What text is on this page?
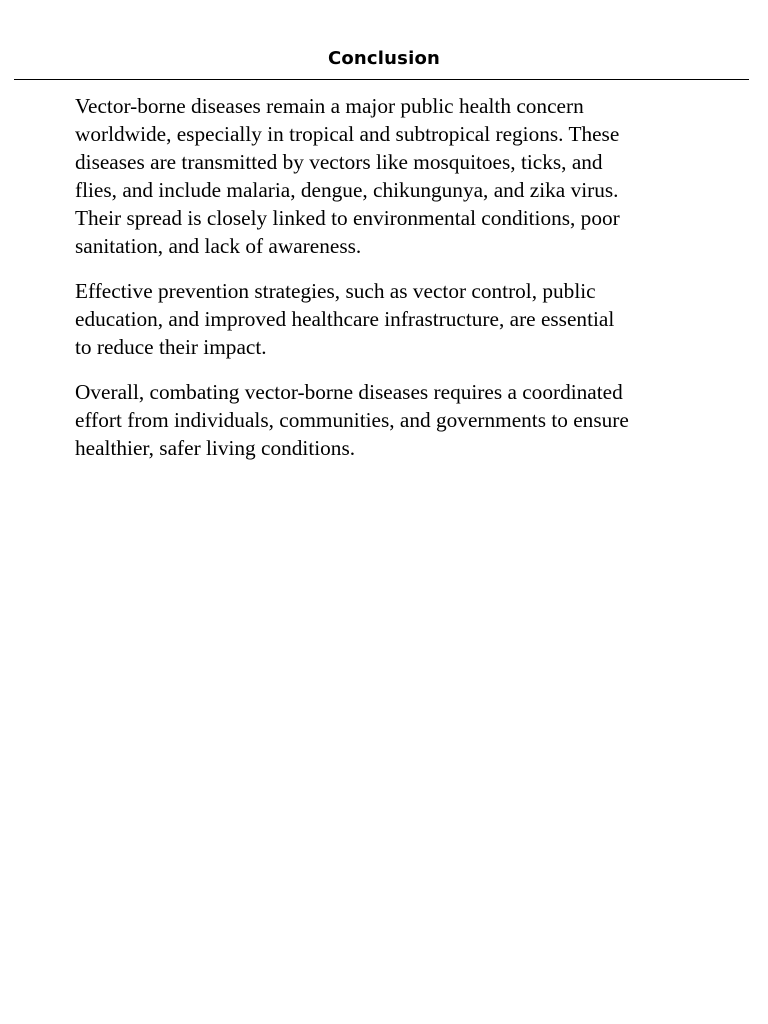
Conclusion

Vector-borne diseases remain a major public health concern
worldwide, especially in tropical and subtropical regions. These
diseases are transmitted by vectors like mosquitoes, ticks, and
flies, and include malaria, dengue, chikungunya, and zika virus.
Their spread is closely linked to environmental conditions, poor
sanitation, and lack of awareness.

Effective prevention strategies, such as vector control, public
education, and improved healthcare infrastructure, are essential
to reduce their impact.

Overall, combating vector-borne diseases requires a coordinated
effort from individuals, communities, and governments to ensure
healthier, safer living conditions.
